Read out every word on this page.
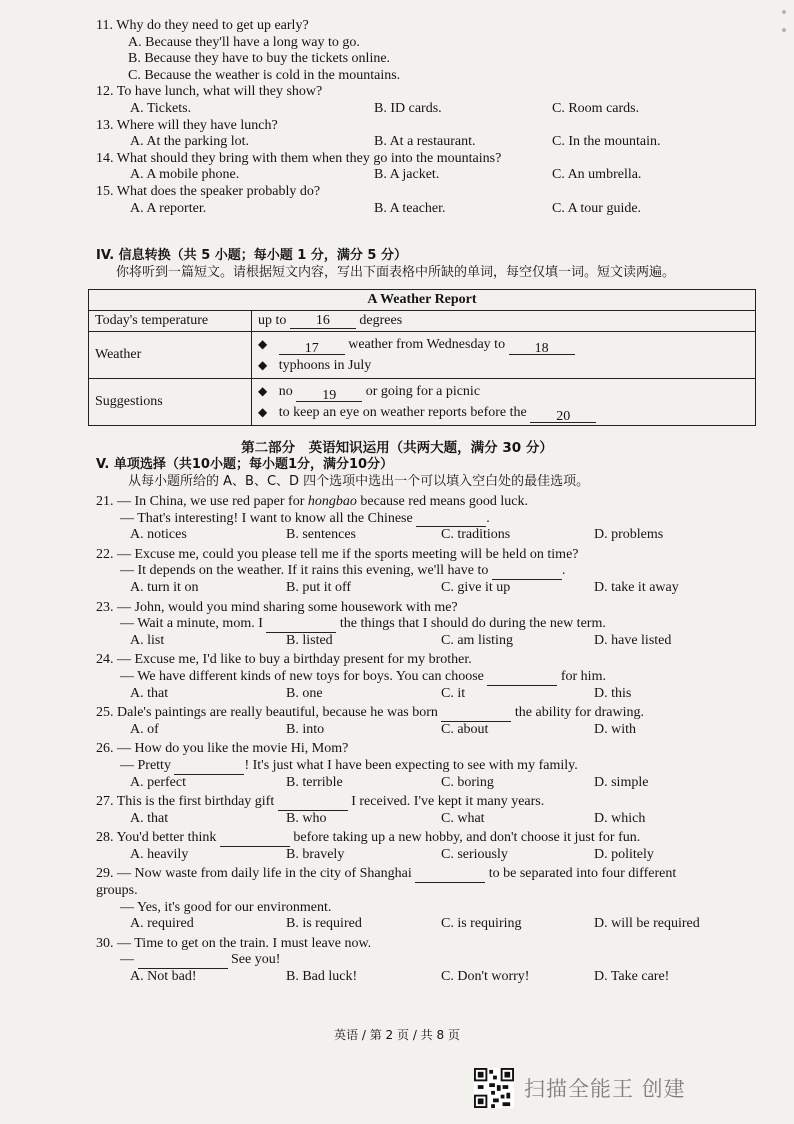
11. Why do they need to get up early?
A. Because they'll have a long way to go.
B. Because they have to buy the tickets online.
C. Because the weather is cold in the mountains.
12. To have lunch, what will they show?
A. Tickets.	B. ID cards.	C. Room cards.
13. Where will they have lunch?
A. At the parking lot.	B. At a restaurant.	C. In the mountain.
14. What should they bring with them when they go into the mountains?
A. A mobile phone.	B. A jacket.	C. An umbrella.
15. What does the speaker probably do?
A. A reporter.	B. A teacher.	C. A tour guide.
IV. 信息转换（共 5 小题；每小题 1 分，满分 5 分）
你将听到一篇短文。请根据短文内容，写出下面表格中所缺的单词，每空仅填一词。短文读两遍。
A Weather Report	
Today's temperature	up to 16 degrees
Weather	◆ 17 weather from Wednesday to 18
◆ typhoons in July

Suggestions	◆ no 19 or going for a picnic
◆ to keep an eye on weather reports before the 20
第二部分　英语知识运用（共两大题，满分 30 分）
V. 单项选择（共10小题；每小题1分，满分10分）
从每小题所给的 A、B、C、D 四个选项中选出一个可以填入空白处的最佳选项。
21. — In China, we use red paper for hongbao because red means good luck.
— That's interesting! I want to know all the Chinese	.
A. notices	B. sentences	C. traditions	D. problems
22. — Excuse me, could you please tell me if the sports meeting will be held on time?
— It depends on the weather. If it rains this evening, we'll have to	.
A. turn it on	B. put it off	C. give it up	D. take it away
23. — John, would you mind sharing some housework with me?
— Wait a minute, mom. I	the things that I should do during the new term.
A. list	B. listed	C. am listing	D. have listed
24. — Excuse me, I'd like to buy a birthday present for my brother.
— We have different kinds of new toys for boys. You can choose	for him.
A. that	B. one	C. it	D. this
25. Dale's paintings are really beautiful, because he was born	the ability for drawing.
A. of	B. into	C. about	D. with
26. — How do you like the movie Hi, Mom?
— Pretty	! It's just what I have been expecting to see with my family.
A. perfect	B. terrible	C. boring	D. simple
27. This is the first birthday gift	I received. I've kept it many years.
A. that	B. who	C. what	D. which
28. You'd better think	before taking up a new hobby, and don't choose it just for fun.
A. heavily	B. bravely	C. seriously	D. politely
29. — Now waste from daily life in the city of Shanghai	to be separated into four different
groups.
— Yes, it's good for our environment.
A. required	B. is required	C. is requiring	D. will be required
30. — Time to get on the train. I must leave now.
—	See you!
A. Not bad!	B. Bad luck!	C. Don't worry!	D. Take care!
英语 / 第 2 页 / 共 8 页
扫描全能王 创建
